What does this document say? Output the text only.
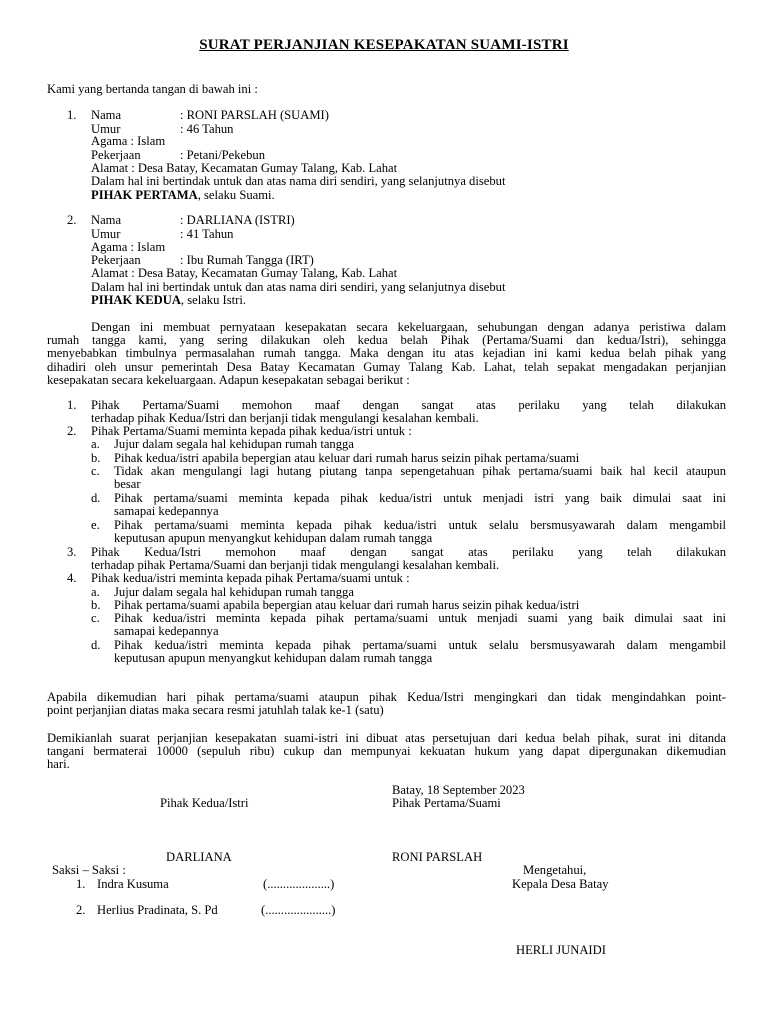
SURAT PERJANJIAN KESEPAKATAN SUAMI-ISTRI
Kami yang bertanda tangan di bawah ini :
1. Nama	: RONI PARSLAH (SUAMI)
Umur	: 46 Tahun
Agama : Islam
Pekerjaan	: Petani/Pekebun
Alamat : Desa Batay, Kecamatan Gumay Talang, Kab. Lahat
Dalam hal ini bertindak untuk dan atas nama diri sendiri, yang selanjutnya disebut
PIHAK PERTAMA, selaku Suami.
2. Nama	: DARLIANA (ISTRI)
Umur	: 41 Tahun
Agama : Islam
Pekerjaan	: Ibu Rumah Tangga (IRT)
Alamat : Desa Batay, Kecamatan Gumay Talang, Kab. Lahat
Dalam hal ini bertindak untuk dan atas nama diri sendiri, yang selanjutnya disebut
PIHAK KEDUA, selaku Istri.
Dengan ini membuat pernyataan kesepakatan secara kekeluargaan, sehubungan dengan adanya peristiwa dalam
rumah tangga kami, yang sering dilakukan oleh kedua belah Pihak (Pertama/Suami dan kedua/Istri), sehingga
menyebabkan timbulnya permasalahan rumah tangga. Maka dengan itu atas kejadian ini kami kedua belah pihak yang
dihadiri oleh unsur pemerintah Desa Batay Kecamatan Gumay Talang Kab. Lahat, telah sepakat mengadakan perjanjian
kesepakatan secara kekeluargaan. Adapun kesepakatan sebagai berikut :
1. Pihak Pertama/Suami memohon maaf dengan sangat atas perilaku yang telah dilakukan
terhadap pihak Kedua/Istri dan berjanji tidak mengulangi kesalahan kembali.
2. Pihak Pertama/Suami meminta kepada pihak kedua/istri untuk :
a. Jujur dalam segala hal kehidupan rumah tangga
b. Pihak kedua/istri apabila bepergian atau keluar dari rumah harus seizin pihak pertama/suami
c. Tidak akan mengulangi lagi hutang piutang tanpa sepengetahuan pihak pertama/suami baik hal kecil ataupun
besar
d. Pihak pertama/suami meminta kepada pihak kedua/istri untuk menjadi istri yang baik dimulai saat ini
samapai kedepannya
e. Pihak pertama/suami meminta kepada pihak kedua/istri untuk selalu bersmusyawarah dalam mengambil
keputusan apupun menyangkut kehidupan dalam rumah tangga
3. Pihak Kedua/Istri memohon maaf dengan sangat atas perilaku yang telah dilakukan
terhadap pihak Pertama/Suami dan berjanji tidak mengulangi kesalahan kembali.
4. Pihak kedua/istri meminta kepada pihak Pertama/suami untuk :
a. Jujur dalam segala hal kehidupan rumah tangga
b. Pihak pertama/suami apabila bepergian atau keluar dari rumah harus seizin pihak kedua/istri
c. Pihak kedua/istri meminta kepada pihak pertama/suami untuk menjadi suami yang baik dimulai saat ini
samapai kedepannya
d. Pihak kedua/istri meminta kepada pihak pertama/suami untuk selalu bersmusyawarah dalam mengambil
keputusan apupun menyangkut kehidupan dalam rumah tangga
Apabila dikemudian hari pihak pertama/suami ataupun pihak Kedua/Istri mengingkari dan tidak mengindahkan point-
point perjanjian diatas maka secara resmi jatuhlah talak ke-1 (satu)
Demikianlah suarat perjanjian kesepakatan suami-istri ini dibuat atas persetujuan dari kedua belah pihak, surat ini ditanda
tangani bermaterai 10000 (sepuluh ribu) cukup dan mempunyai kekuatan hukum yang dapat dipergunakan dikemudian
hari.
Batay, 18 September 2023
Pihak Kedua/Istri	Pihak Pertama/Suami
DARLIANA	RONI PARSLAH
Saksi – Saksi :
1. Indra Kusuma	(....................)
2. Herlius Pradinata, S. Pd	(.....................)
Mengetahui,
Kepala Desa Batay
HERLI JUNAIDI
